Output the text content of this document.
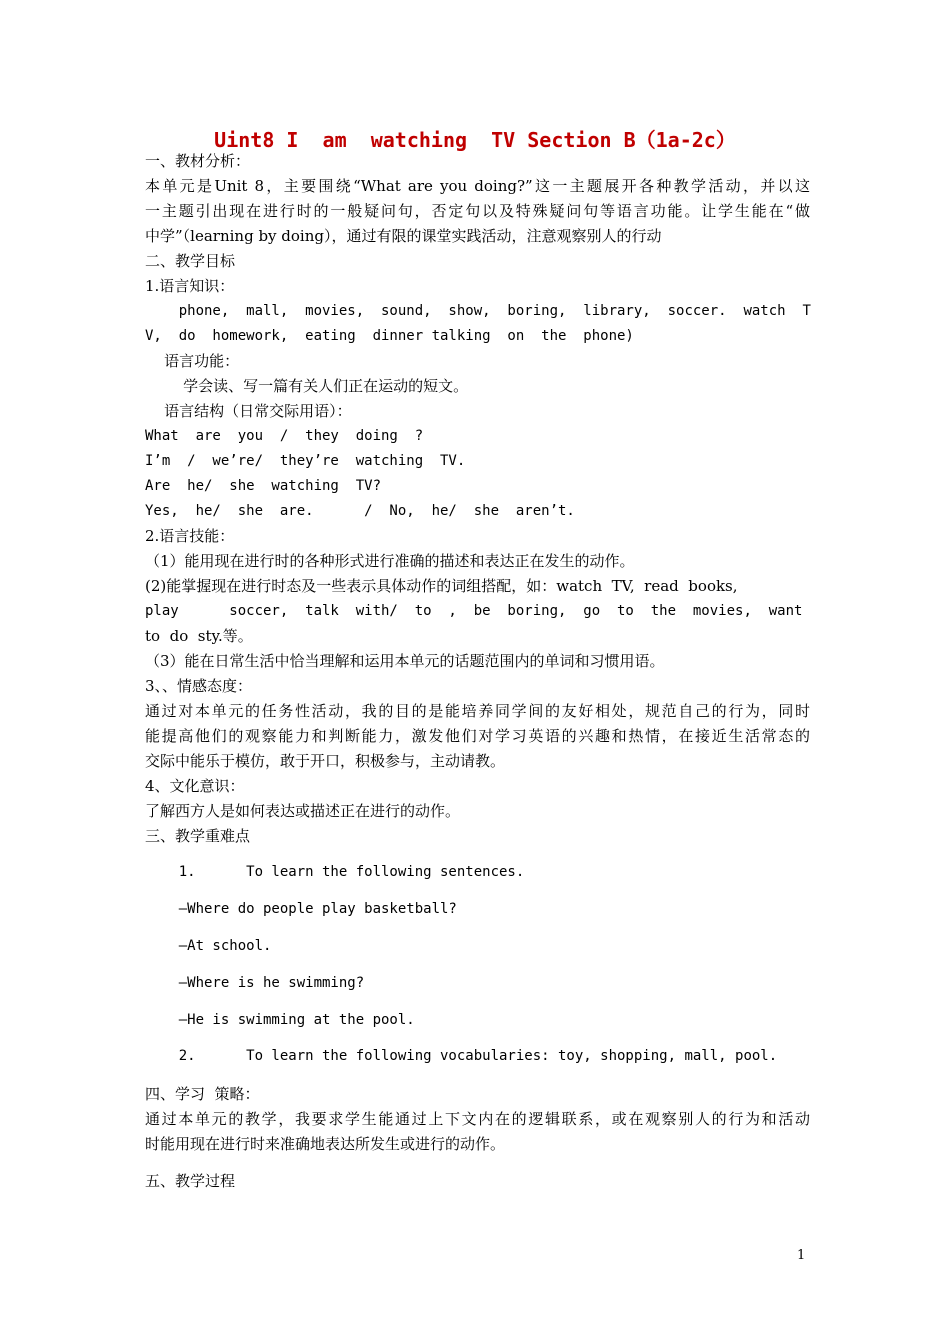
Uint8 I  am  watching  TV Section B（1a-2c）
一、教材分析：
本单元是Unit 8，主要围绕“What are you doing?”这一主题展开各种教学活动，并以这
一主题引出现在进行时的一般疑问句，否定句以及特殊疑问句等语言功能。让学生能在“做
中学”（learning by doing），通过有限的课堂实践活动，注意观察别人的行动
二、教学目标
1.语言知识：
phone,  mall,  movies,  sound,  show,  boring,  library,  soccer.  watch  T
V,  do  homework,  eating  dinner talking  on  the  phone)
语言功能：
学会读、写一篇有关人们正在运动的短文。
语言结构（日常交际用语）：
What  are  you  /  they  doing  ?
I’m  /  we’re/  they’re  watching  TV.
Are  he/  she  watching  TV?
Yes,  he/  she  are.      /  No,  he/  she  aren’t.
2.语言技能：
（1）能用现在进行时的各种形式进行准确的描述和表达正在发生的动作。
(2)能掌握现在进行时态及一些表示具体动作的词组搭配，如：watch  TV,  read  books,
play      soccer,  talk  with/  to  ,  be  boring,  go  to  the  movies,  want
to  do  sty.等。
（3）能在日常生活中恰当理解和运用本单元的话题范围内的单词和习惯用语。
3、、情感态度：
通过对本单元的任务性活动，我的目的是能培养同学间的友好相处，规范自己的行为，同时
能提高他们的观察能力和判断能力，激发他们对学习英语的兴趣和热情，在接近生活常态的
交际中能乐于模仿，敢于开口，积极参与，主动请教。
4、文化意识：
了解西方人是如何表达或描述正在进行的动作。
三、教学重难点
1.      To learn the following sentences.
—Where do people play basketball?
—At school.
—Where is he swimming?
—He is swimming at the pool.
2.      To learn the following vocabularies: toy, shopping, mall, pool.
四、学习  策略：
通过本单元的教学，我要求学生能通过上下文内在的逻辑联系，或在观察别人的行为和活动
时能用现在进行时来准确地表达所发生或进行的动作。
五、教学过程
1
